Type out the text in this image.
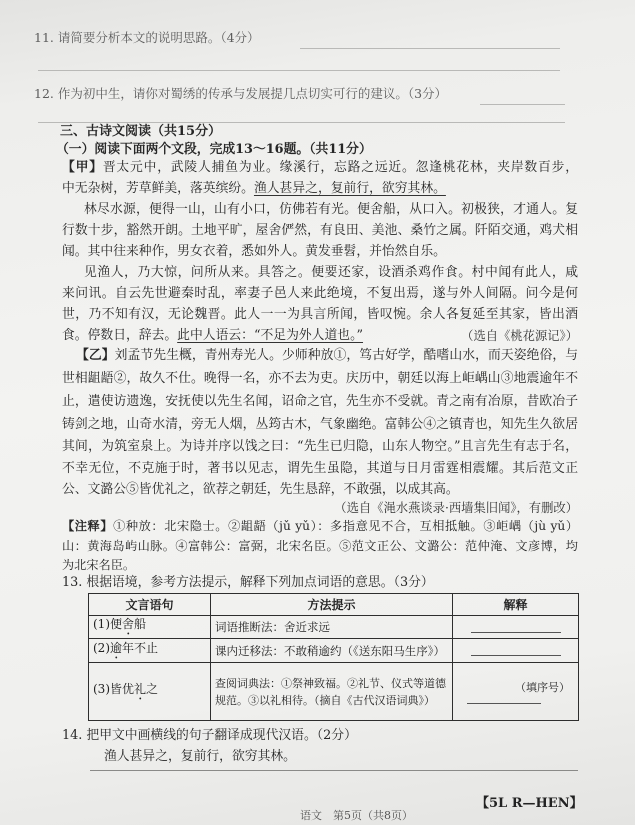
11. 请简要分析本文的说明思路。（4分）
12. 作为初中生，请你对蜀绣的传承与发展提几点切实可行的建议。（3分）
三、古诗文阅读（共15分）
（一）阅读下面两个文段，完成13～16题。（共11分）
【甲】晋太元中，武陵人捕鱼为业。缘溪行，忘路之远近。忽逢桃花林，夹岸数百步，
中无杂树，芳草鲜美，落英缤纷。渔人甚异之，复前行，欲穷其林。
林尽水源，便得一山，山有小口，仿佛若有光。便舍船，从口入。初极狭，才通人。复
行数十步，豁然开朗。土地平旷，屋舍俨然，有良田、美池、桑竹之属。阡陌交通，鸡犬相
闻。其中往来种作，男女衣着，悉如外人。黄发垂髫，并怡然自乐。
见渔人，乃大惊，问所从来。具答之。便要还家，设酒杀鸡作食。村中闻有此人，咸
来问讯。自云先世避秦时乱，率妻子邑人来此绝境，不复出焉，遂与外人间隔。问今是何
世，乃不知有汉，无论魏晋。此人一一为具言所闻，皆叹惋。余人各复延至其家，皆出酒
食。停数日，辞去。此中人语云：“不足为外人道也。”	（选自《桃花源记》）
【乙】刘孟节先生概，青州寿光人。少师种放①，笃古好学，酷嗜山水，而天姿绝俗，与
世相龃龉②，故久不仕。晚得一名，亦不去为吏。庆历中，朝廷以海上岠嵎山③地震逾年不
止，遣使访遗逸，安抚使以先生名闻，诏命之官，先生亦不受就。青之南有冶原，昔欧冶子
铸剑之地，山奇水清，旁无人烟，丛筠古木，气象幽绝。富韩公④之镇青也，知先生久欲居
其间，为筑室泉上。为诗并序以饯之曰：“先生已归隐，山东人物空。”且言先生有志于名，
不幸无位，不克施于时，著书以见志，谓先生虽隐，其道与日月雷霆相震耀。其后范文正
公、文潞公⑤皆优礼之，欲荐之朝廷，先生恳辞，不敢强，以成其高。
（选自《渑水燕谈录·西墙集旧闻》，有删改）
【注释】①种放：北宋隐士。②龃龉（jǔ yǔ）：多指意见不合，互相抵触。③岠嵎（jù yǔ）
山：黄海岛屿山脉。④富韩公：富弼，北宋名臣。⑤范文正公、文潞公：范仲淹、文彦博，均
为北宋名臣。
13. 根据语境，参考方法提示，解释下列加点词语的意思。（3分）
文言语句	方法提示	解释
(1)便舍船	词语推断法：舍近求远	

(2)逾年不止	课内迁移法：不敢稍逾约（《送东阳马生序》）	

(3)皆优礼之	查阅词典法：①祭神致福。②礼节、仪式等道德规范。③以礼相待。（摘自《古代汉语词典》）	（填序号）
14. 把甲文中画横线的句子翻译成现代汉语。（2分）
渔人甚异之，复前行，欲穷其林。
语文　第5页（共8页）
【5L R—HEN】
